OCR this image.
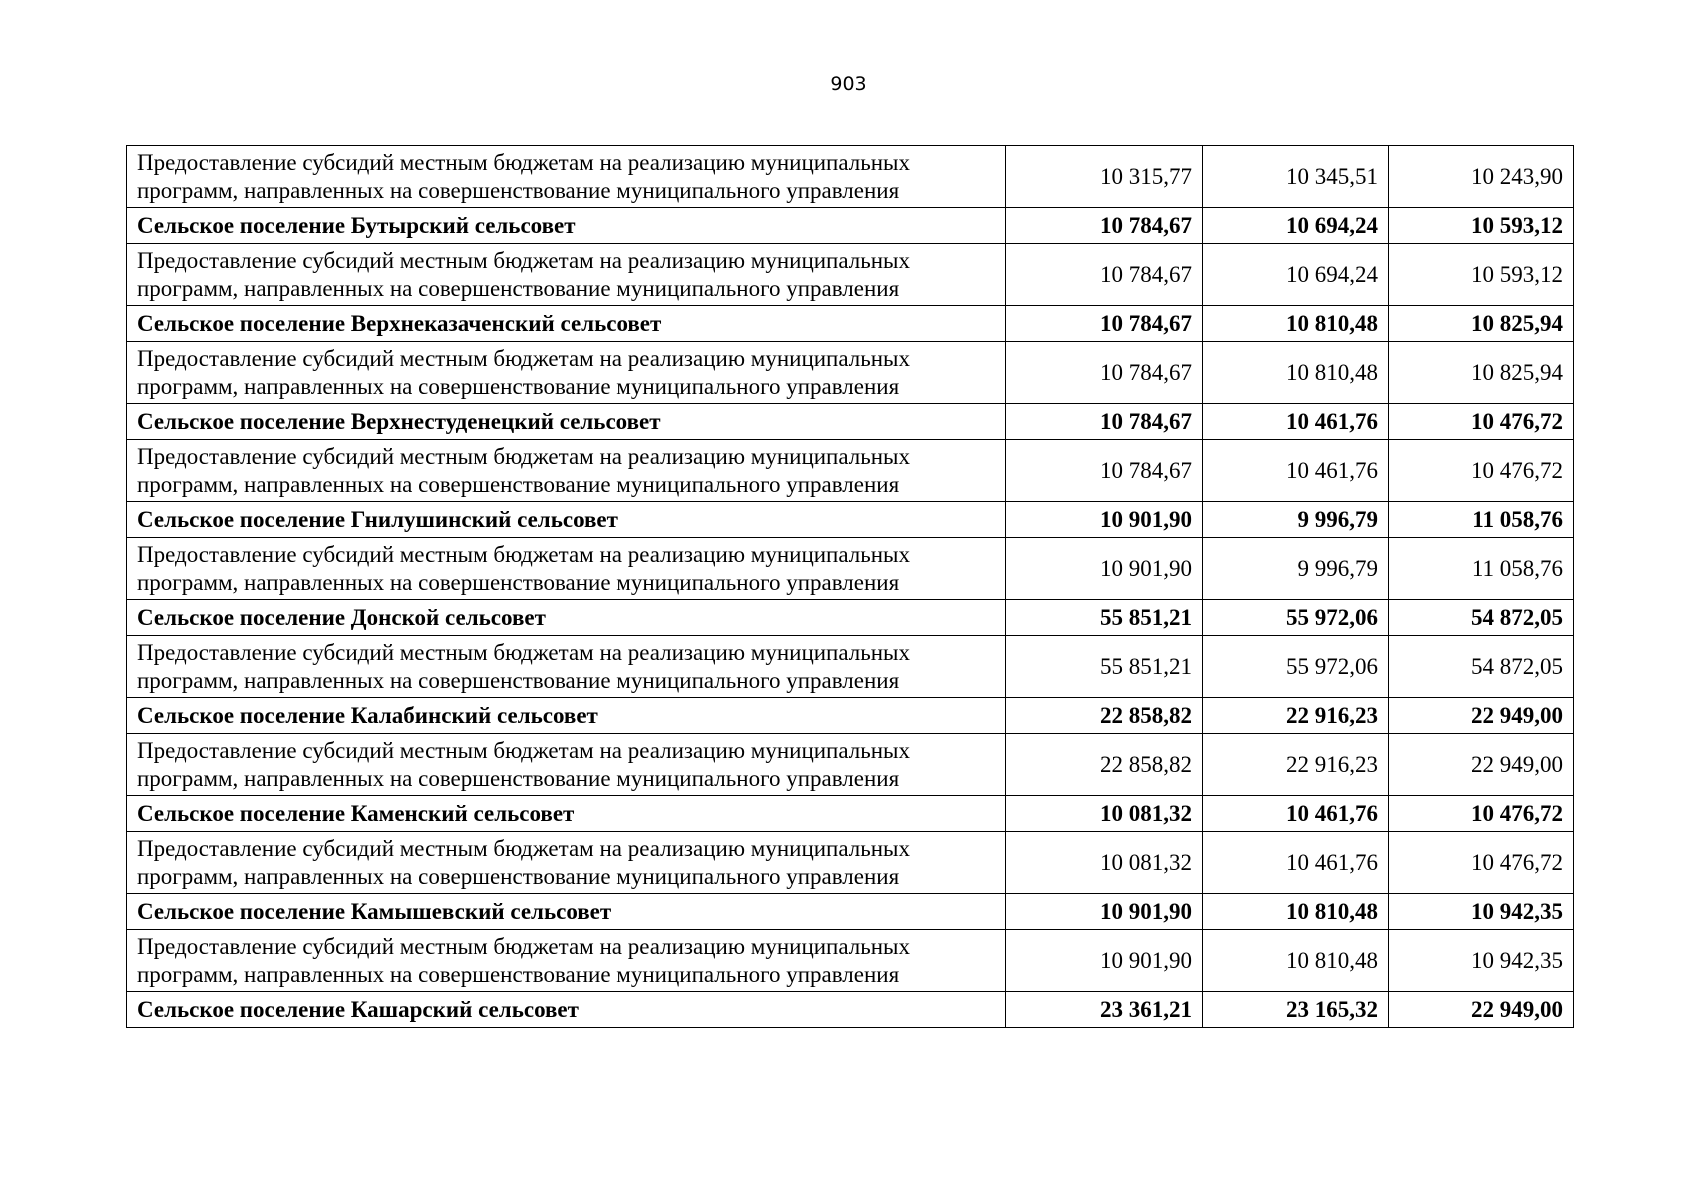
903
Предоставление субсидий местным бюджетам на реализацию муниципальных
программ, направленных на совершенствование муниципального управления	10 315,77	10 345,51	10 243,90
Сельское поселение Бутырский сельсовет	10 784,67	10 694,24	10 593,12
Предоставление субсидий местным бюджетам на реализацию муниципальных
программ, направленных на совершенствование муниципального управления	10 784,67	10 694,24	10 593,12
Сельское поселение Верхнеказаченский сельсовет	10 784,67	10 810,48	10 825,94
Предоставление субсидий местным бюджетам на реализацию муниципальных
программ, направленных на совершенствование муниципального управления	10 784,67	10 810,48	10 825,94
Сельское поселение Верхнестуденецкий сельсовет	10 784,67	10 461,76	10 476,72
Предоставление субсидий местным бюджетам на реализацию муниципальных
программ, направленных на совершенствование муниципального управления	10 784,67	10 461,76	10 476,72
Сельское поселение Гнилушинский сельсовет	10 901,90	9 996,79	11 058,76
Предоставление субсидий местным бюджетам на реализацию муниципальных
программ, направленных на совершенствование муниципального управления	10 901,90	9 996,79	11 058,76
Сельское поселение Донской сельсовет	55 851,21	55 972,06	54 872,05
Предоставление субсидий местным бюджетам на реализацию муниципальных
программ, направленных на совершенствование муниципального управления	55 851,21	55 972,06	54 872,05
Сельское поселение Калабинский сельсовет	22 858,82	22 916,23	22 949,00
Предоставление субсидий местным бюджетам на реализацию муниципальных
программ, направленных на совершенствование муниципального управления	22 858,82	22 916,23	22 949,00
Сельское поселение Каменский сельсовет	10 081,32	10 461,76	10 476,72
Предоставление субсидий местным бюджетам на реализацию муниципальных
программ, направленных на совершенствование муниципального управления	10 081,32	10 461,76	10 476,72
Сельское поселение Камышевский сельсовет	10 901,90	10 810,48	10 942,35
Предоставление субсидий местным бюджетам на реализацию муниципальных
программ, направленных на совершенствование муниципального управления	10 901,90	10 810,48	10 942,35
Сельское поселение Кашарский сельсовет	23 361,21	23 165,32	22 949,00
